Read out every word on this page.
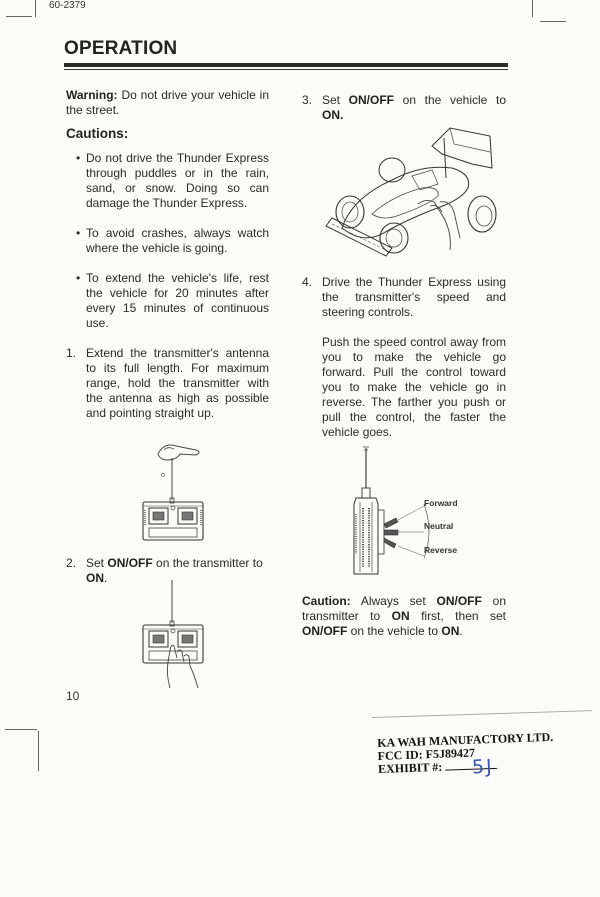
60-2379
OPERATION

Warning: Do not drive your vehicle in the street.

Cautions:
• Do not drive the Thunder Express through puddles or in the rain, sand, or snow. Doing so can damage the Thunder Express.

• To avoid crashes, always watch where the vehicle is going.

• To extend the vehicle's life, rest the vehicle for 20 minutes after every 15 minutes of continuous use.

1. Extend the transmitter's antenna to its full length. For maximum range, hold the transmitter with the antenna as high as possible and pointing straight up.

2. Set ON/OFF on the transmitter to
ON.

10
3. Set ON/OFF on the vehicle to

ON.

4. Drive the Thunder Express using the transmitter's speed and steering controls.

Push the speed control away from you to make the vehicle go forward. Pull the control toward you to make the vehicle go in reverse. The farther you push or pull the control, the faster the vehicle goes.

Forward
Neutral
Reverse

Caution: Always set ON/OFF on transmitter to ON first, then set ON/OFF on the vehicle to ON.

KA WAH MANUFACTORY LTD.
FCC ID: F5J89427
EXHIBIT #:	5J
